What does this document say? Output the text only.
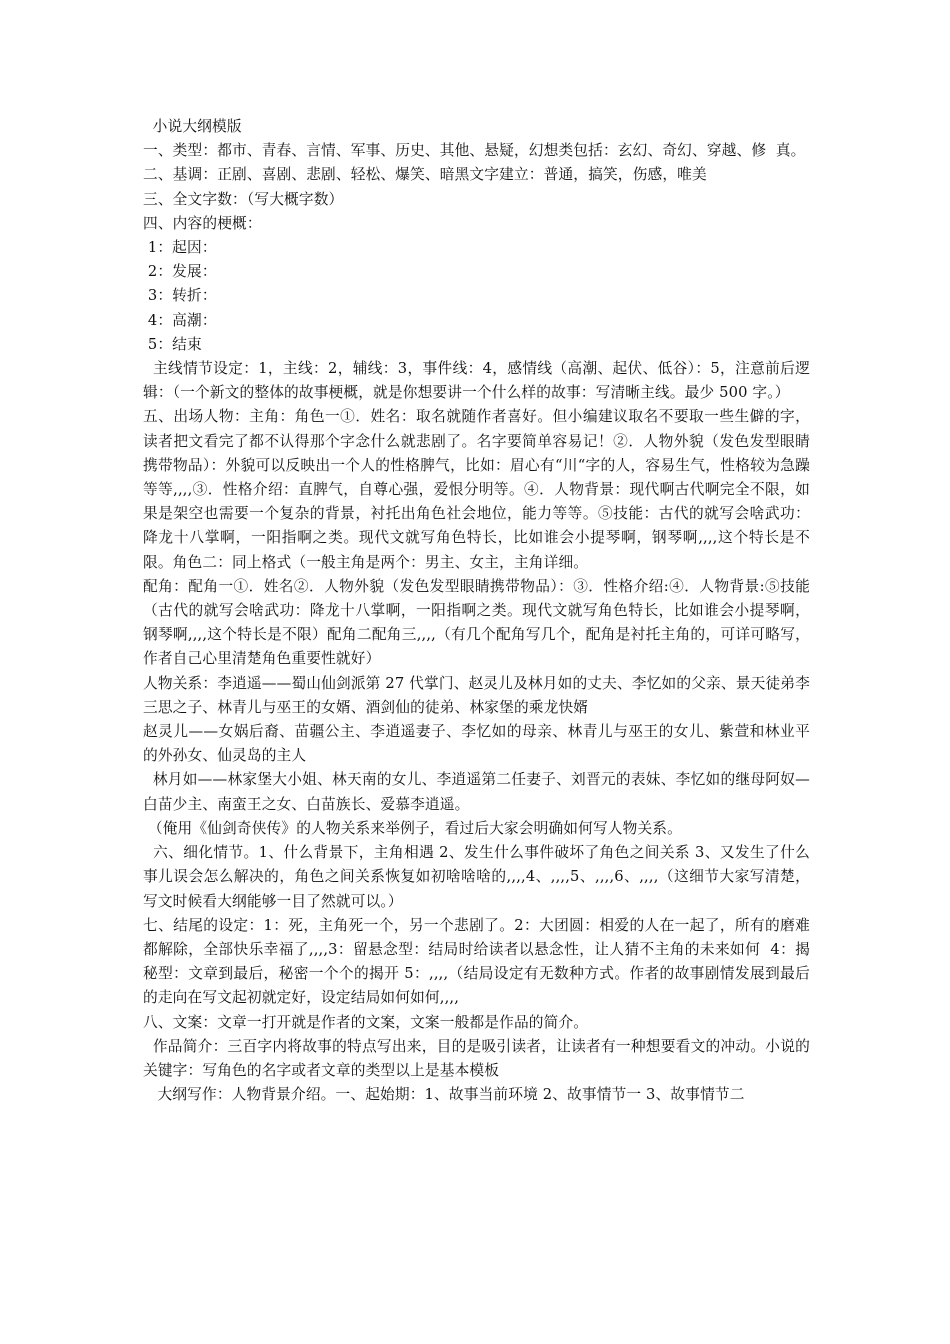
小说大纲模版

一、类型：都市、青春、言情、军事、历史、其他、悬疑，幻想类包括：玄幻、奇幻、穿越、修  真。

二、基调：正剧、喜剧、悲剧、轻松、爆笑、暗黑文字建立：普通，搞笑，伤感，唯美

三、全文字数：（写大概字数）

四、内容的梗概：

1：起因：

2：发展：

3：转折：

4：高潮：

5：结束

主线情节设定：1，主线：2，辅线：3，事件线：4，感情线（高潮、起伏、低谷）：5，注意前后逻辑：（一个新文的整体的故事梗概，就是你想要讲一个什么样的故事：写清晰主线。最少 500 字。）

五、出场人物：主角：角色一①．姓名：取名就随作者喜好。但小编建议取名不要取一些生僻的字，读者把文看完了都不认得那个字念什么就悲剧了。名字要简单容易记！②．人物外貌（发色发型眼睛携带物品）：外貌可以反映出一个人的性格脾气，比如：眉心有“川“字的人，容易生气，性格较为急躁等等,,,,③．性格介绍：直脾气，自尊心强，爱恨分明等。④．人物背景：现代啊古代啊完全不限，如果是架空也需要一个复杂的背景，衬托出角色社会地位，能力等等。⑤技能：古代的就写会啥武功：降龙十八掌啊，一阳指啊之类。现代文就写角色特长，比如谁会小提琴啊，钢琴啊,,,,这个特长是不限。角色二：同上格式（一般主角是两个：男主、女主，主角详细。

配角：配角一①．姓名②．人物外貌（发色发型眼睛携带物品）：③．性格介绍:④．人物背景:⑤技能（古代的就写会啥武功：降龙十八掌啊，一阳指啊之类。现代文就写角色特长，比如谁会小提琴啊，钢琴啊,,,,这个特长是不限）配角二配角三,,,,（有几个配角写几个，配角是衬托主角的，可详可略写，作者自己心里清楚角色重要性就好）

人物关系：李逍遥——蜀山仙剑派第 27 代掌门、赵灵儿及林月如的丈夫、李忆如的父亲、景天徒弟李三思之子、林青儿与巫王的女婿、酒剑仙的徒弟、林家堡的乘龙快婿

赵灵儿——女娲后裔、苗疆公主、李逍遥妻子、李忆如的母亲、林青儿与巫王的女儿、紫萱和林业平的外孙女、仙灵岛的主人

林月如——林家堡大小姐、林天南的女儿、李逍遥第二任妻子、刘晋元的表妹、李忆如的继母阿奴—白苗少主、南蛮王之女、白苗族长、爱慕李逍遥。

（俺用《仙剑奇侠传》的人物关系来举例子，看过后大家会明确如何写人物关系。

六、细化情节。1、什么背景下，主角相遇 2、发生什么事件破坏了角色之间关系 3、又发生了什么事儿误会怎么解决的，角色之间关系恢复如初啥啥啥的,,,,4、,,,,5、,,,,6、,,,,（这细节大家写清楚，写文时候看大纲能够一目了然就可以。）

七、结尾的设定：1：死，主角死一个，另一个悲剧了。2：大团圆：相爱的人在一起了，所有的磨难都解除，全部快乐幸福了,,,,3：留悬念型：结局时给读者以悬念性，让人猜不主角的未来如何  4：揭秘型：文章到最后，秘密一个个的揭开 5：,,,,（结局设定有无数种方式。作者的故事剧情发展到最后的走向在写文起初就定好，设定结局如何如何,,,,

八、文案：文章一打开就是作者的文案，文案一般都是作品的简介。

作品简介：三百字内将故事的特点写出来，目的是吸引读者，让读者有一种想要看文的冲动。小说的关键字：写角色的名字或者文章的类型以上是基本模板

大纲写作：人物背景介绍。一、起始期：1、故事当前环境 2、故事情节一 3、故事情节二
